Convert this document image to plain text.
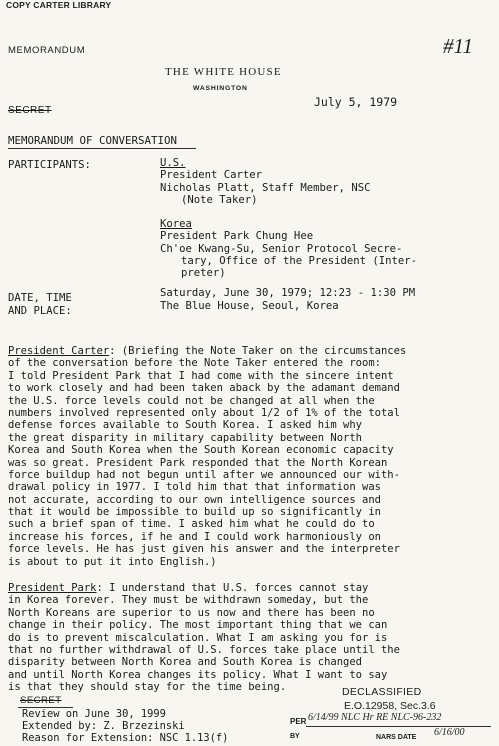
COPY CARTER LIBRARY
MEMORANDUM	#11
THE WHITE HOUSE
WASHINGTON
July 5, 1979
SECRET
MEMORANDUM OF CONVERSATION
PARTICIPANTS:	U.S.
President Carter
Nicholas Platt, Staff Member, NSC
(Note Taker)
Korea
President Park Chung Hee
Ch'oe Kwang-Su, Senior Protocol Secre-
tary, Office of the President (Inter-
preter)
DATE, TIME
AND PLACE:
Saturday, June 30, 1979; 12:23 - 1:30 PM
The Blue House, Seoul, Korea
President Carter: (Briefing the Note Taker on the circumstances
of the conversation before the Note Taker entered the room:
I told President Park that I had come with the sincere intent
to work closely and had been taken aback by the adamant demand
the U.S. force levels could not be changed at all when the
numbers involved represented only about 1/2 of 1% of the total
defense forces available to South Korea. I asked him why
the great disparity in military capability between North
Korea and South Korea when the South Korean economic capacity
was so great. President Park responded that the North Korean
force buildup had not begun until after we announced our with-
drawal policy in 1977. I told him that that information was
not accurate, according to our own intelligence sources and
that it would be impossible to build up so significantly in
such a brief span of time. I asked him what he could do to
increase his forces, if he and I could work harmoniously on
force levels. He has just given his answer and the interpreter
is about to put it into English.)
President Park: I understand that U.S. forces cannot stay
in Korea forever. They must be withdrawn someday, but the
North Koreans are superior to us now and there has been no
change in their policy. The most important thing that we can
do is to prevent miscalculation. What I am asking you for is
that no further withdrawal of U.S. forces take place until the
disparity between North Korea and South Korea is changed
and until North Korea changes its policy. What I want to say
is that they should stay for the time being.
SECRET
Review on June 30, 1999
Extended by: Z. Brzezinski
Reason for Extension: NSC 1.13(f)
DECLASSIFIED
E.O.12958, Sec.3.6
PER 6/14/99 NLC Hr RE NLC-96-232
BY	NARS DATE 6/16/00
